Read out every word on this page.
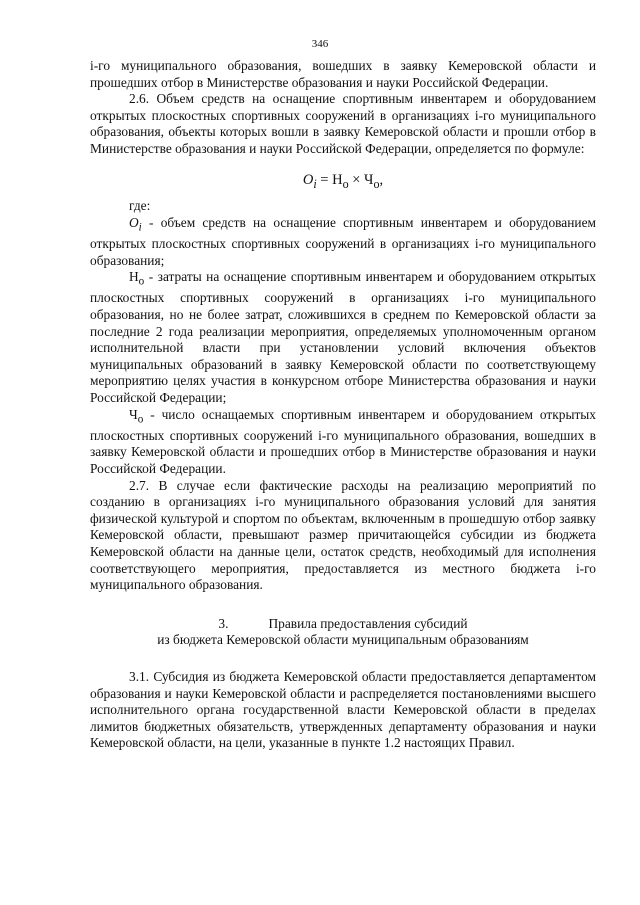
346

i-го муниципального образования, вошедших в заявку Кемеровской области и прошедших отбор в Министерстве образования и науки Российской Федерации.

2.6. Объем средств на оснащение спортивным инвентарем и оборудованием открытых плоскостных спортивных сооружений в организациях i-го муниципального образования, объекты которых вошли в заявку Кемеровской области и прошли отбор в Министерстве образования и науки Российской Федерации, определяется по формуле:

$O_i = Н_о \times Ч_о$,

где:

$O_i$ - объем средств на оснащение спортивным инвентарем и оборудованием открытых плоскостных спортивных сооружений в организациях i-го муниципального образования;

$Н_о$ - затраты на оснащение спортивным инвентарем и оборудованием открытых плоскостных спортивных сооружений в организациях i-го муниципального образования, но не более затрат, сложившихся в среднем по Кемеровской области за последние 2 года реализации мероприятия, определяемых уполномоченным органом исполнительной власти при установлении условий включения объектов муниципальных образований в заявку Кемеровской области по соответствующему мероприятию целях участия в конкурсном отборе Министерства образования и науки Российской Федерации;

$Ч_о$ - число оснащаемых спортивным инвентарем и оборудованием открытых плоскостных спортивных сооружений i-го муниципального образования, вошедших в заявку Кемеровской области и прошедших отбор в Министерстве образования и науки Российской Федерации.

2.7. В случае если фактические расходы на реализацию мероприятий по созданию в организациях i-го муниципального образования условий для занятия физической культурой и спортом по объектам, включенным в прошедшую отбор заявку Кемеровской области, превышают размер причитающейся субсидии из бюджета Кемеровской области на данные цели, остаток средств, необходимый для исполнения соответствующего мероприятия, предоставляется из местного бюджета i-го муниципального образования.

3.	Правила предоставления субсидий
из бюджета Кемеровской области муниципальным образованиям

3.1. Субсидия из бюджета Кемеровской области предоставляется департаментом образования и науки Кемеровской области и распределяется постановлениями высшего исполнительного органа государственной власти Кемеровской области в пределах лимитов бюджетных обязательств, утвержденных департаменту образования и науки Кемеровской области, на цели, указанные в пункте 1.2 настоящих Правил.
